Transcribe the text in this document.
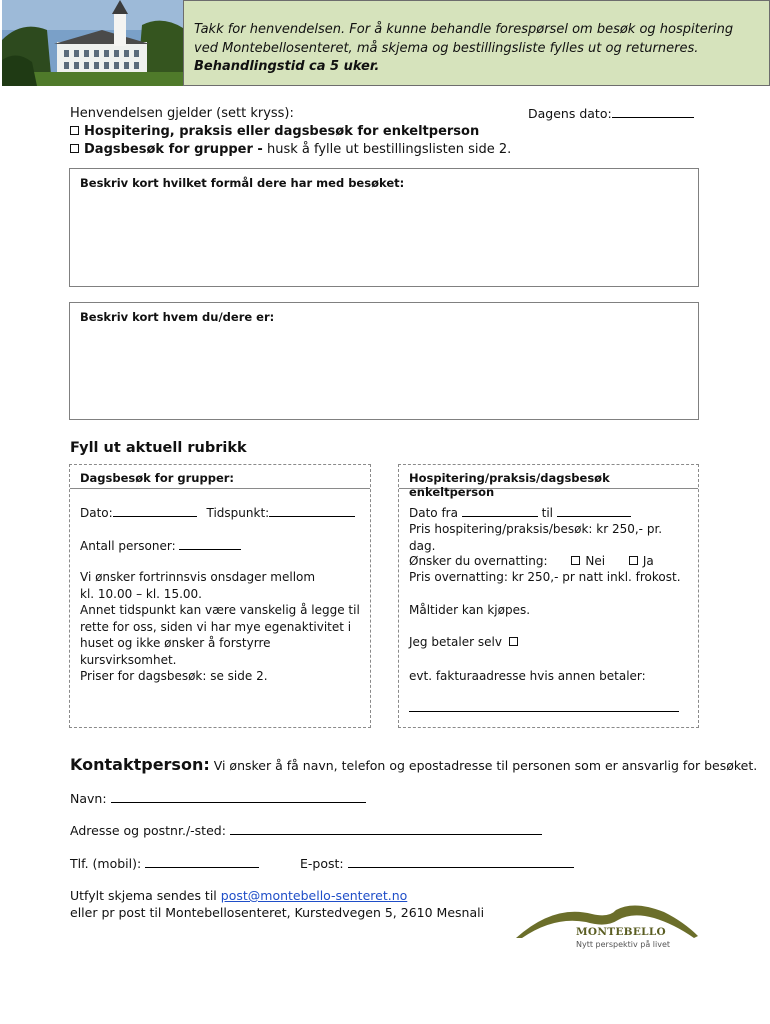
Takk for henvendelsen. For å kunne behandle forespørsel om besøk og hospitering

ved Montebellosenteret, må skjema og bestillingsliste fylles ut og returneres.

Behandlingstid ca 5 uker.

Henvendelsen gjelder (sett kryss):	Dagens dato:
Hospitering, praksis eller dagsbesøk for enkeltperson
Dagsbesøk for grupper - husk å fylle ut bestillingslisten side 2.
Beskriv kort hvilket formål dere har med besøket:
Beskriv kort hvem du/dere er:
Fyll ut aktuell rubrikk
Dagsbesøk for grupper:
Dato:	Tidspunkt:
Antall personer:
Vi ønsker fortrinnsvis onsdager mellom
kl. 10.00 – kl. 15.00.
Annet tidspunkt kan være vanskelig å legge til
rette for oss, siden vi har mye egenaktivitet i
huset og ikke ønsker å forstyrre kursvirksomhet.
Priser for dagsbesøk: se side 2.
Hospitering/praksis/dagsbesøk enkeltperson
Dato fra	til
Pris hospitering/praksis/besøk: kr 250,- pr. dag.
Ønsker du overnatting:	Nei	Ja
Pris overnatting: kr 250,- pr natt inkl. frokost.
Måltider kan kjøpes.
Jeg betaler selv
evt. fakturaadresse hvis annen betaler:
Kontaktperson: Vi ønsker å få navn, telefon og epostadresse til personen som er ansvarlig for besøket.
Navn:
Adresse og postnr./-sted:
Tlf. (mobil):	E-post:
Utfylt skjema sendes til post@montebello-senteret.no
eller pr post til Montebellosenteret, Kurstedvegen 5, 2610 Mesnali
MONTEBELLO
Nytt perspektiv på livet
